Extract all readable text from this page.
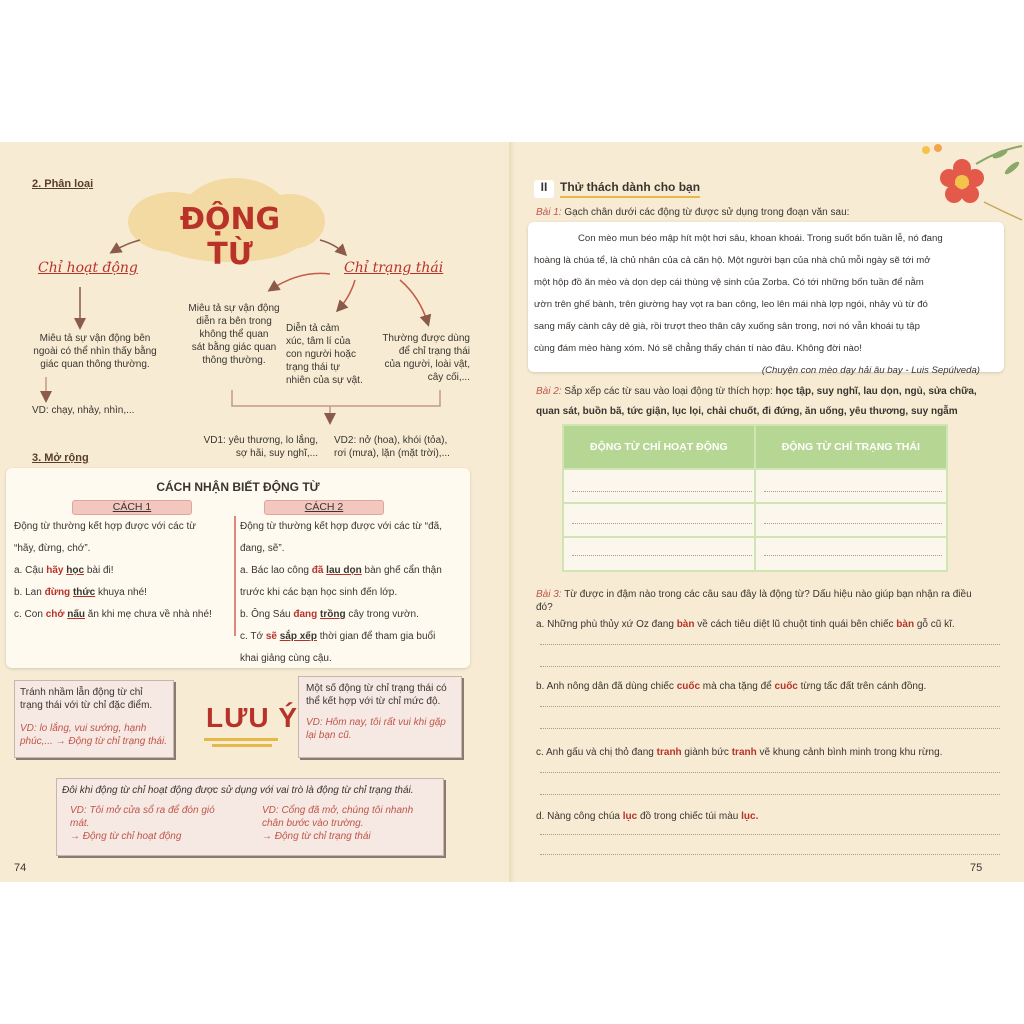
2. Phân loại
ĐỘNG TỪ
Chỉ hoạt động	Chỉ trạng thái
Miêu tả sự vận động bên
ngoài có thể nhìn thấy bằng
giác quan thông thường.
VD: chạy, nhảy, nhìn,...
Miêu tả sự vận động
diễn ra bên trong
không thể quan
sát bằng giác quan
thông thường.
Diễn tả cảm
xúc, tâm lí của
con người hoặc
trạng thái tự
nhiên của sự vật.
Thường được dùng
để chỉ trạng thái
của người, loài vật,
cây cối,...
VD1: yêu thương, lo lắng,
sợ hãi, suy nghĩ,...
VD2: nở (hoa), khói (tỏa),
rơi (mưa), lặn (mặt trời),...
3. Mở rộng
CÁCH NHẬN BIẾT ĐỘNG TỪ
CÁCH 1	CÁCH 2
Động từ thường kết hợp được với các từ
“hãy, đừng, chớ”.
a. Cậu hãy học bài đi!
b. Lan đừng thức khuya nhé!
c. Con chớ nấu ăn khi mẹ chưa về nhà nhé!
Động từ thường kết hợp được với các từ “đã,
đang, sẽ”.
a. Bác lao công đã lau dọn bàn ghế cẩn thận
trước khi các bạn học sinh đến lớp.
b. Ông Sáu đang trồng cây trong vườn.
c. Tớ sẽ sắp xếp thời gian để tham gia buổi
khai giảng cùng cậu.
Tránh nhầm lẫn động từ chỉ
trạng thái với từ chỉ đặc điểm.
VD: lo lắng, vui sướng, hạnh
phúc,... → Động từ chỉ trạng thái.
LƯU Ý
Một số động từ chỉ trạng thái có
thể kết hợp với từ chỉ mức độ.
VD: Hôm nay, tôi rất vui khi gặp
lại bạn cũ.
Đôi khi động từ chỉ hoạt động được sử dụng với vai trò là động từ chỉ trạng thái.
VD: Tôi mở cửa sổ ra để đón gió
mát.
→ Động từ chỉ hoạt động
VD: Cổng đã mở, chúng tôi nhanh
chân bước vào trường.
→ Động từ chỉ trạng thái
74
II	Thử thách dành cho bạn
Bài 1: Gạch chân dưới các động từ được sử dụng trong đoạn văn sau:
Con mèo mun béo mập hít một hơi sâu, khoan khoái. Trong suốt bốn tuần lễ, nó đang
hoàng là chúa tể, là chủ nhân của cả căn hộ. Một người bạn của nhà chủ mỗi ngày sẽ tới mở
một hộp đồ ăn mèo và dọn dẹp cái thùng vệ sinh của Zorba. Có tới những bốn tuần để nằm
ườn trên ghế bành, trên giường hay vọt ra ban công, leo lên mái nhà lợp ngói, nhảy vù từ đó
sang mấy cành cây dẻ già, rồi trượt theo thân cây xuống sân trong, nơi nó vẫn khoái tụ tập
cùng đám mèo hàng xóm. Nó sẽ chẳng thấy chán tí nào đâu. Không đời nào!
(Chuyện con mèo dạy hải âu bay - Luis Sepúlveda)
Bài 2: Sắp xếp các từ sau vào loại động từ thích hợp: học tập, suy nghĩ, lau dọn, ngủ, sửa chữa,
quan sát, buồn bã, tức giận, lục lọi, chải chuốt, đi đứng, ăn uống, yêu thương, suy ngẫm
ĐỘNG TỪ CHỈ HOẠT ĐỘNG	ĐỘNG TỪ CHỈ TRẠNG THÁI

Bài 3: Từ được in đậm nào trong các câu sau đây là động từ? Dấu hiệu nào giúp bạn nhận ra điều
đó?
a. Những phù thủy xứ Oz đang bàn về cách tiêu diệt lũ chuột tinh quái bên chiếc bàn gỗ cũ kĩ.
b. Anh nông dân đã dùng chiếc cuốc mà cha tặng để cuốc từng tấc đất trên cánh đồng.
c. Anh gấu và chị thỏ đang tranh giành bức tranh vẽ khung cảnh bình minh trong khu rừng.
d. Nàng công chúa lục đồ trong chiếc túi màu lục.
75
